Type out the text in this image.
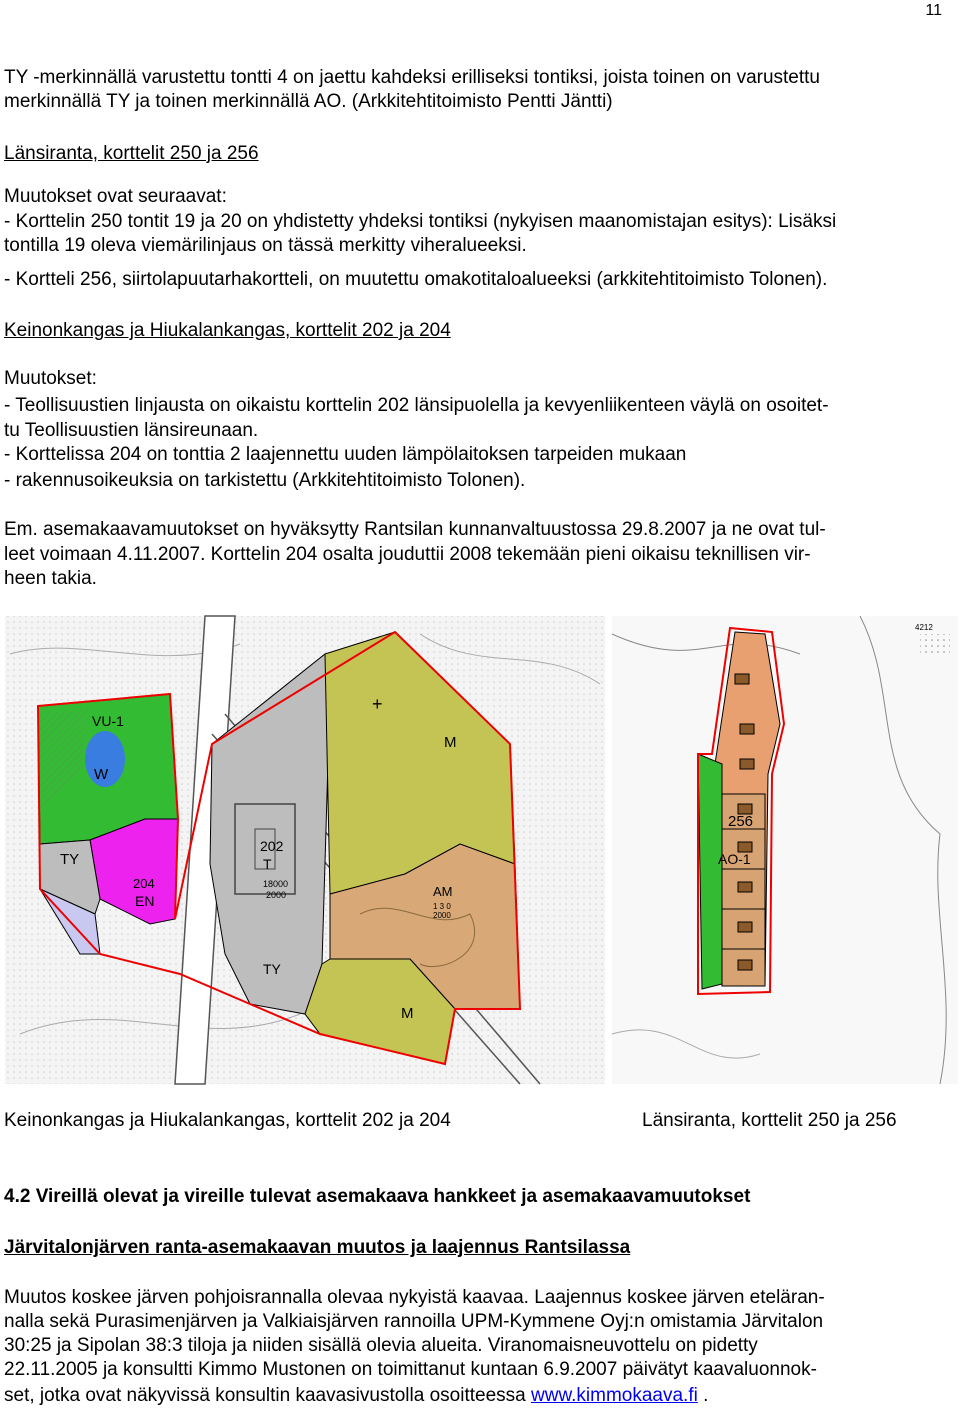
11
TY -merkinnällä varustettu tontti 4 on jaettu kahdeksi erilliseksi tontiksi, joista toinen on varustettu
merkinnällä TY ja toinen merkinnällä AO. (Arkkitehtitoimisto Pentti Jäntti)
Länsiranta, korttelit 250 ja 256
Muutokset ovat seuraavat:
- Korttelin 250 tontit 19 ja 20 on yhdistetty yhdeksi tontiksi (nykyisen maanomistajan esitys): Lisäksi
tontilla 19 oleva viemärilinjaus on tässä merkitty viheralueeksi.
- Kortteli 256, siirtolapuutarhakortteli, on muutettu omakotitaloalueeksi (arkkitehtitoimisto Tolonen).
Keinonkangas ja Hiukalankangas, korttelit 202 ja 204
Muutokset:
- Teollisuustien linjausta on oikaistu korttelin 202 länsipuolella ja kevyenliikenteen väylä on osoitet-
tu Teollisuustien länsireunaan.
- Korttelissa 204 on tonttia 2 laajennettu uuden lämpölaitoksen tarpeiden mukaan
- rakennusoikeuksia on tarkistettu (Arkkitehtitoimisto Tolonen).
Em. asemakaavamuutokset on hyväksytty Rantsilan kunnanvaltuustossa 29.8.2007 ja ne ovat tul-
leet voimaan 4.11.2007. Korttelin 204 osalta jouduttii 2008 tekemään pieni oikaisu teknillisen vir-
heen takia.
VU-1
W
TY
204
EN
202
T
18000
2000
TY
+
M
AM
1 3 0
2000
M
256
AO-1
4212
Keinonkangas ja Hiukalankangas, korttelit 202 ja 204	Länsiranta, korttelit 250 ja 256
4.2 Vireillä olevat ja vireille tulevat asemakaava hankkeet ja asemakaavamuutokset
Järvitalonjärven ranta-asemakaavan muutos ja laajennus Rantsilassa
Muutos koskee järven pohjoisrannalla olevaa nykyistä kaavaa. Laajennus koskee järven eteläran-
nalla sekä Purasimenjärven ja Valkiaisjärven rannoilla UPM-Kymmene Oyj:n omistamia Järvitalon
30:25 ja Sipolan 38:3 tiloja ja niiden sisällä olevia alueita. Viranomaisneuvottelu on pidetty
22.11.2005 ja konsultti Kimmo Mustonen on toimittanut kuntaan 6.9.2007 päivätyt kaavaluonnok-
set, jotka ovat näkyvissä konsultin kaavasivustolla osoitteessa www.kimmokaava.fi .
